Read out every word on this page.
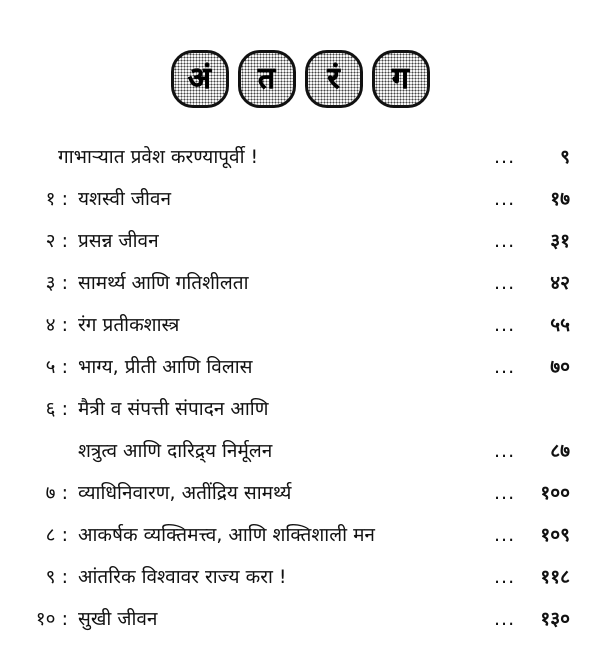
अं त रं ग
गाभाऱ्यात प्रवेश करण्यापूर्वी !	... ९
१ : यशस्वी जीवन	... १७
२ : प्रसन्न जीवन	... ३१
३ : सामर्थ्य आणि गतिशीलता	... ४२
४ : रंग प्रतीकशास्त्र	... ५५
५ : भाग्य, प्रीती आणि विलास	... ७०
६ : मैत्री व संपत्ती संपादन आणि
शत्रुत्व आणि दारिद्र्य निर्मूलन	... ८७
७ : व्याधिनिवारण, अतींद्रिय सामर्थ्य	... १००
८ : आकर्षक व्यक्तिमत्त्व, आणि शक्तिशाली मन	... १०९
९ : आंतरिक विश्वावर राज्य करा !	... ११८
१० : सुखी जीवन	... १३०
